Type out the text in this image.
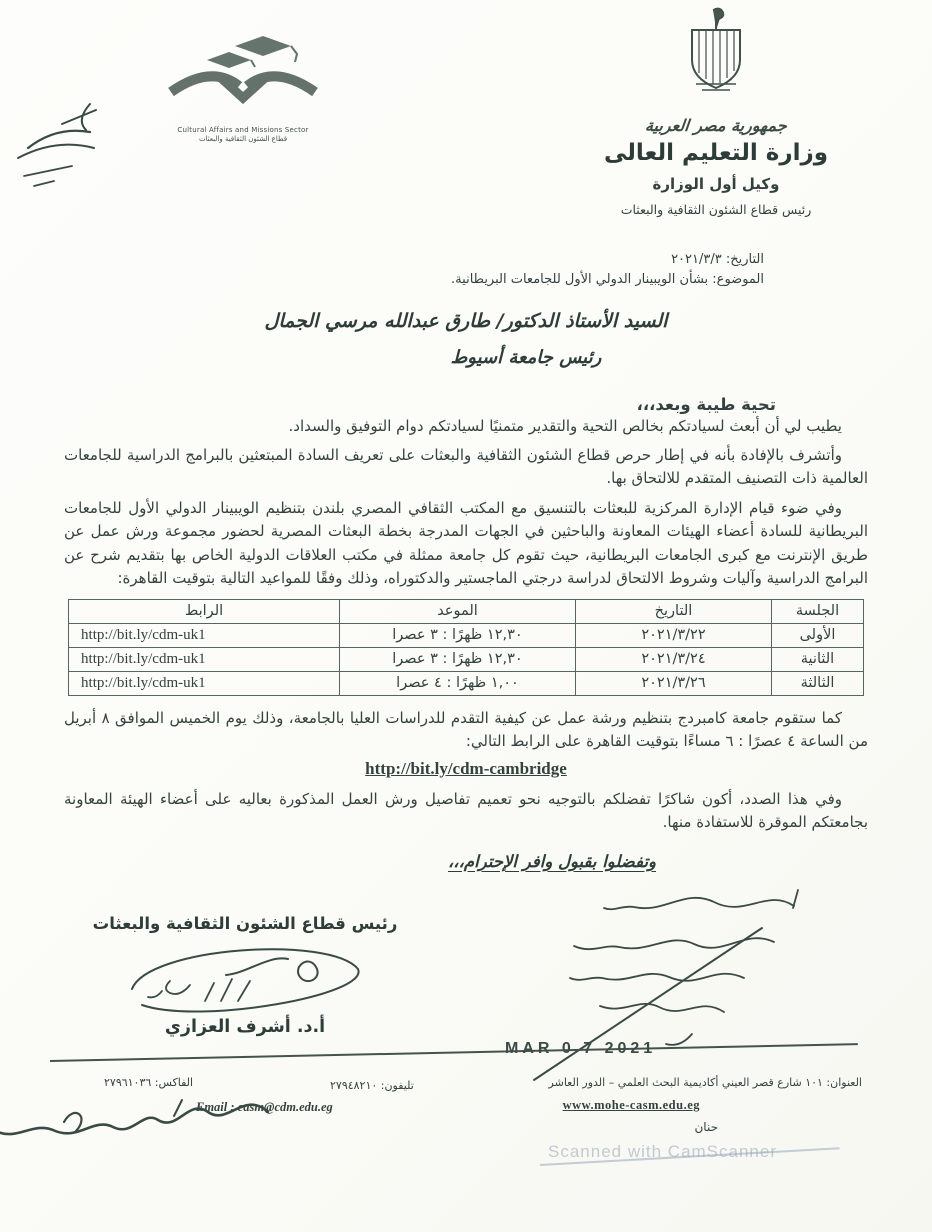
Cultural Affairs and Missions Sector
قطاع الشئون الثقافية والبعثات
جمهورية مصر العربية
وزارة التعليم العالى
وكيل أول الوزارة
رئيس قطاع الشئون الثقافية والبعثات
التاريخ: ٢٠٢١/٣/٣
الموضوع: بشأن الويبينار الدولي الأول للجامعات البريطانية.
السيد الأستاذ الدكتور/ طارق عبدالله مرسي الجمال
رئيس جامعة أسيوط
تحية طيبة وبعد،،،

يطيب لي أن أبعث لسيادتكم بخالص التحية والتقدير متمنيًا لسيادتكم دوام التوفيق والسداد.

وأتشرف بالإفادة بأنه في إطار حرص قطاع الشئون الثقافية والبعثات على تعريف السادة المبتعثين بالبرامج الدراسية للجامعات العالمية ذات التصنيف المتقدم للالتحاق بها.

وفي ضوء قيام الإدارة المركزية للبعثات بالتنسيق مع المكتب الثقافي المصري بلندن بتنظيم الويبينار الدولي الأول للجامعات البريطانية للسادة أعضاء الهيئات المعاونة والباحثين في الجهات المدرجة بخطة البعثات المصرية لحضور مجموعة ورش عمل عن طريق الإنترنت مع كبرى الجامعات البريطانية، حيث تقوم كل جامعة ممثلة في مكتب العلاقات الدولية الخاص بها بتقديم شرح عن البرامج الدراسية وآليات وشروط الالتحاق لدراسة درجتي الماجستير والدكتوراه، وذلك وفقًا للمواعيد التالية بتوقيت القاهرة:

الجلسة	التاريخ	الموعد	الرابط
الأولى	٢٠٢١/٣/٢٢	١٢,٣٠ ظهرًا : ٣ عصرا	http://bit.ly/cdm-uk1
الثانية	٢٠٢١/٣/٢٤	١٢,٣٠ ظهرًا : ٣ عصرا	http://bit.ly/cdm-uk1
الثالثة	٢٠٢١/٣/٢٦	١,٠٠ ظهرًا : ٤ عصرا	http://bit.ly/cdm-uk1

كما ستقوم جامعة كامبردج بتنظيم ورشة عمل عن كيفية التقدم للدراسات العليا بالجامعة، وذلك يوم الخميس الموافق ٨ أبريل من الساعة ٤ عصرًا : ٦ مساءًا بتوقيت القاهرة على الرابط التالي:

http://bit.ly/cdm-cambridge

وفي هذا الصدد، أكون شاكرًا تفضلكم بالتوجيه نحو تعميم تفاصيل ورش العمل المذكورة بعاليه على أعضاء الهيئة المعاونة بجامعتكم الموقرة للاستفادة منها.

وتفضلوا بقبول وافر الإحترام،،،
رئيس قطاع الشئون الثقافية والبعثات
أ.د. أشرف العزازي
MAR 0 7 2021
العنوان: ١٠١ شارع قصر العيني أكاديمية البحث العلمي – الدور العاشر
www.mohe-casm.edu.eg
حنان
تليفون: ٢٧٩٤٨٢١٠
Email : casm@cdm.edu.eg
الفاكس: ٢٧٩٦١٠٣٦
Scanned with CamScanner
